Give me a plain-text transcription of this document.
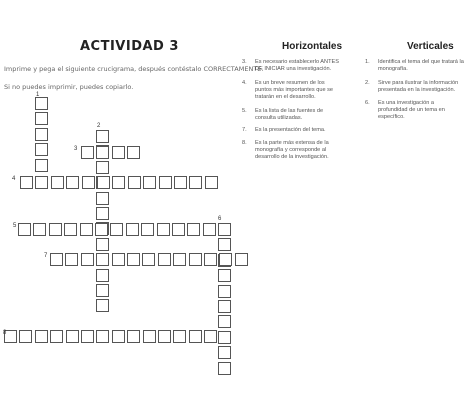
ACTIVIDAD 3
Imprime y pega el siguiente crucigrama, después contéstalo CORRECTAMENTE.
Si no puedes imprimir, puedes copiarlo.
Horizontales	Verticales
3. Es necesario establecerlo ANTES
DE INICIAR una investigación.
4. Es un breve resumen de los
puntos más importantes que se
tratarán en el desarrollo.
5. Es la lista de las fuentes de
consulta utilizadas.
7. Es la presentación del tema.
8. Es la parte más extensa de la
monografía y corresponde al
desarrollo de la investigación.
1. Identifica el tema del que tratará la
monografía.
2. Sirve para ilustrar la información
presentada en la investigación.
6. Es una investigación a
profundidad de un tema en
específico.
1
2
3
4
5
6
7
8
